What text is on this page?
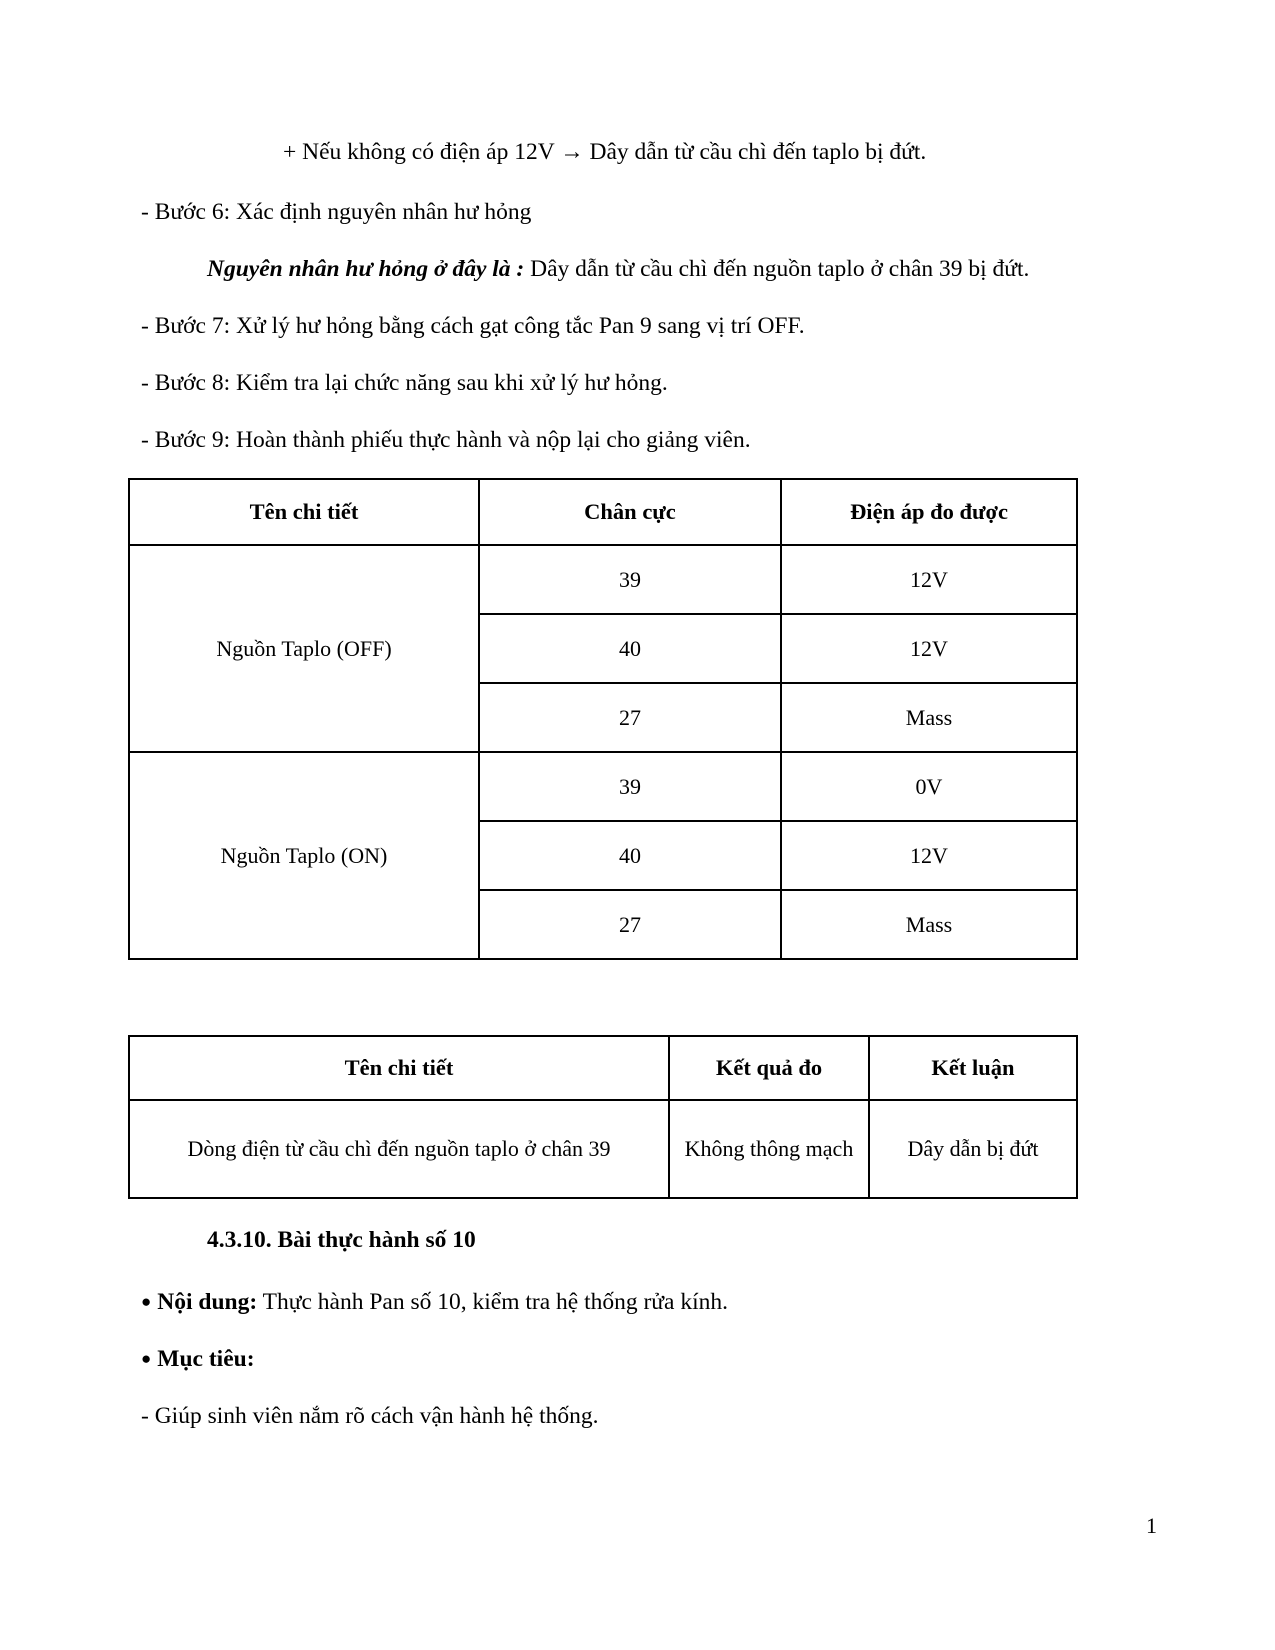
+ Nếu không có điện áp 12V → Dây dẫn từ cầu chì đến taplo bị đứt.
- Bước 6: Xác định nguyên nhân hư hỏng
Nguyên nhân hư hỏng ở đây là : Dây dẫn từ cầu chì đến nguồn taplo ở chân 39 bị đứt.
- Bước 7: Xử lý hư hỏng bằng cách gạt công tắc Pan 9 sang vị trí OFF.
- Bước 8: Kiểm tra lại chức năng sau khi xử lý hư hỏng.
- Bước 9: Hoàn thành phiếu thực hành và nộp lại cho giảng viên.
Tên chi tiết	Chân cực	Điện áp đo được
Nguồn Taplo (OFF)	39	12V
	40	12V
	27	Mass
Nguồn Taplo (ON)	39	0V
	40	12V
	27	Mass
Tên chi tiết	Kết quả đo	Kết luận
Dòng điện từ cầu chì đến nguồn taplo ở chân 39	Không thông mạch	Dây dẫn bị đứt
4.3.10. Bài thực hành số 10
● Nội dung: Thực hành Pan số 10, kiểm tra hệ thống rửa kính.
● Mục tiêu:
- Giúp sinh viên nắm rõ cách vận hành hệ thống.
1
